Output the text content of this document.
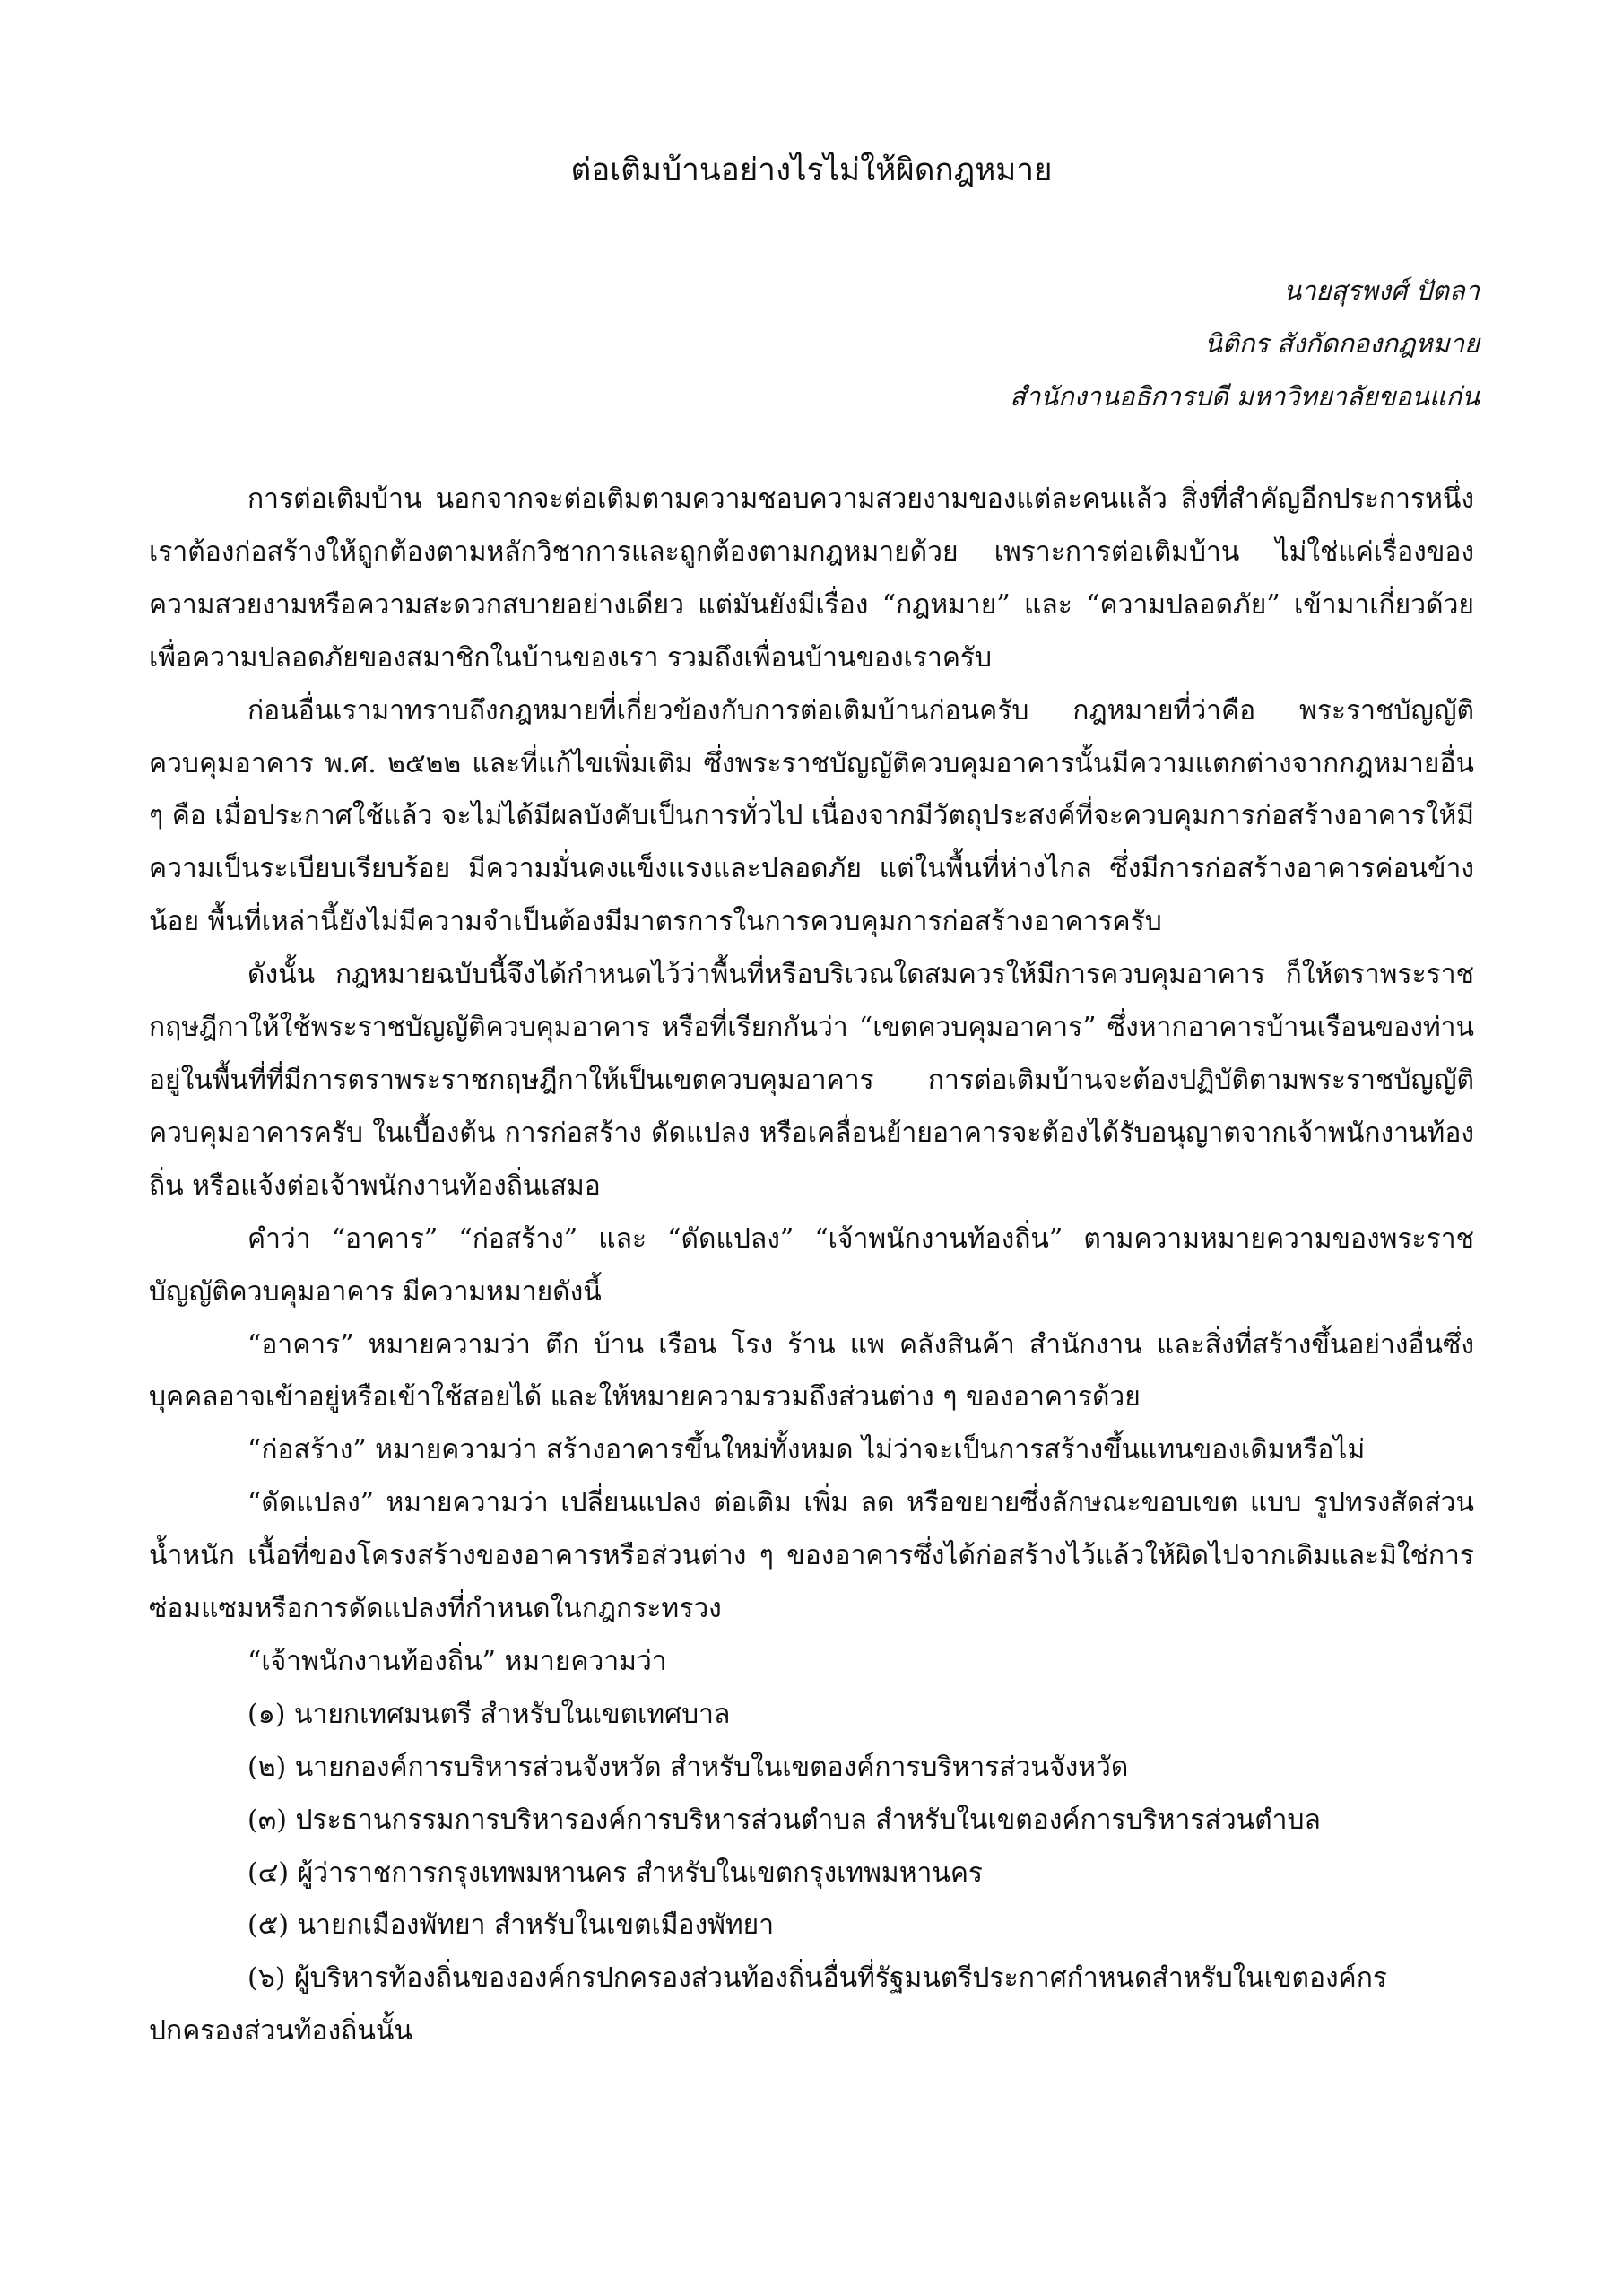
ต่อเติมบ้านอย่างไรไม่ให้ผิดกฎหมาย
นายสุรพงศ์ ปัตลา
นิติกร สังกัดกองกฎหมาย
สำนักงานอธิการบดี มหาวิทยาลัยขอนแก่น

การต่อเติมบ้าน นอกจากจะต่อเติมตามความชอบความสวยงามของแต่ละคนแล้ว สิ่งที่สำคัญอีกประการหนึ่งเราต้องก่อสร้างให้ถูกต้องตามหลักวิชาการและถูกต้องตามกฎหมายด้วย เพราะการต่อเติมบ้าน ไม่ใช่แค่เรื่องของความสวยงามหรือความสะดวกสบายอย่างเดียว แต่มันยังมีเรื่อง “กฎหมาย” และ “ความปลอดภัย” เข้ามาเกี่ยวด้วย เพื่อความปลอดภัยของสมาชิกในบ้านของเรา รวมถึงเพื่อนบ้านของเราครับ

ก่อนอื่นเรามาทราบถึงกฎหมายที่เกี่ยวข้องกับการต่อเติมบ้านก่อนครับ กฎหมายที่ว่าคือ พระราชบัญญัติควบคุมอาคาร พ.ศ. ๒๕๒๒ และที่แก้ไขเพิ่มเติม ซึ่งพระราชบัญญัติควบคุมอาคารนั้นมีความแตกต่างจากกฎหมายอื่น ๆ คือ เมื่อประกาศใช้แล้ว จะไม่ได้มีผลบังคับเป็นการทั่วไป เนื่องจากมีวัตถุประสงค์ที่จะควบคุมการก่อสร้างอาคารให้มีความเป็นระเบียบเรียบร้อย มีความมั่นคงแข็งแรงและปลอดภัย แต่ในพื้นที่ห่างไกล ซึ่งมีการก่อสร้างอาคารค่อนข้างน้อย พื้นที่เหล่านี้ยังไม่มีความจำเป็นต้องมีมาตรการในการควบคุมการก่อสร้างอาคารครับ

ดังนั้น กฎหมายฉบับนี้จึงได้กำหนดไว้ว่าพื้นที่หรือบริเวณใดสมควรให้มีการควบคุมอาคาร ก็ให้ตราพระราชกฤษฎีกาให้ใช้พระราชบัญญัติควบคุมอาคาร หรือที่เรียกกันว่า “เขตควบคุมอาคาร” ซึ่งหากอาคารบ้านเรือนของท่านอยู่ในพื้นที่ที่มีการตราพระราชกฤษฎีกาให้เป็นเขตควบคุมอาคาร การต่อเติมบ้านจะต้องปฏิบัติตามพระราชบัญญัติควบคุมอาคารครับ ในเบื้องต้น การก่อสร้าง ดัดแปลง หรือเคลื่อนย้ายอาคารจะต้องได้รับอนุญาตจากเจ้าพนักงานท้องถิ่น หรือแจ้งต่อเจ้าพนักงานท้องถิ่นเสมอ

คำว่า “อาคาร” “ก่อสร้าง” และ “ดัดแปลง” “เจ้าพนักงานท้องถิ่น” ตามความหมายความของพระราชบัญญัติควบคุมอาคาร มีความหมายดังนี้

“อาคาร” หมายความว่า ตึก บ้าน เรือน โรง ร้าน แพ คลังสินค้า สำนักงาน และสิ่งที่สร้างขึ้นอย่างอื่นซึ่งบุคคลอาจเข้าอยู่หรือเข้าใช้สอยได้ และให้หมายความรวมถึงส่วนต่าง ๆ ของอาคารด้วย

“ก่อสร้าง” หมายความว่า สร้างอาคารขึ้นใหม่ทั้งหมด ไม่ว่าจะเป็นการสร้างขึ้นแทนของเดิมหรือไม่

“ดัดแปลง” หมายความว่า เปลี่ยนแปลง ต่อเติม เพิ่ม ลด หรือขยายซึ่งลักษณะขอบเขต แบบ รูปทรงสัดส่วน น้ำหนัก เนื้อที่ของโครงสร้างของอาคารหรือส่วนต่าง ๆ ของอาคารซึ่งได้ก่อสร้างไว้แล้วให้ผิดไปจากเดิมและมิใช่การซ่อมแซมหรือการดัดแปลงที่กำหนดในกฎกระทรวง

“เจ้าพนักงานท้องถิ่น” หมายความว่า

(๑) นายกเทศมนตรี สำหรับในเขตเทศบาล

(๒) นายกองค์การบริหารส่วนจังหวัด สำหรับในเขตองค์การบริหารส่วนจังหวัด

(๓) ประธานกรรมการบริหารองค์การบริหารส่วนตำบล สำหรับในเขตองค์การบริหารส่วนตำบล

(๔) ผู้ว่าราชการกรุงเทพมหานคร สำหรับในเขตกรุงเทพมหานคร

(๕) นายกเมืองพัทยา สำหรับในเขตเมืองพัทยา

(๖) ผู้บริหารท้องถิ่นขององค์กรปกครองส่วนท้องถิ่นอื่นที่รัฐมนตรีประกาศกำหนดสำหรับในเขตองค์กรปกครองส่วนท้องถิ่นนั้น
